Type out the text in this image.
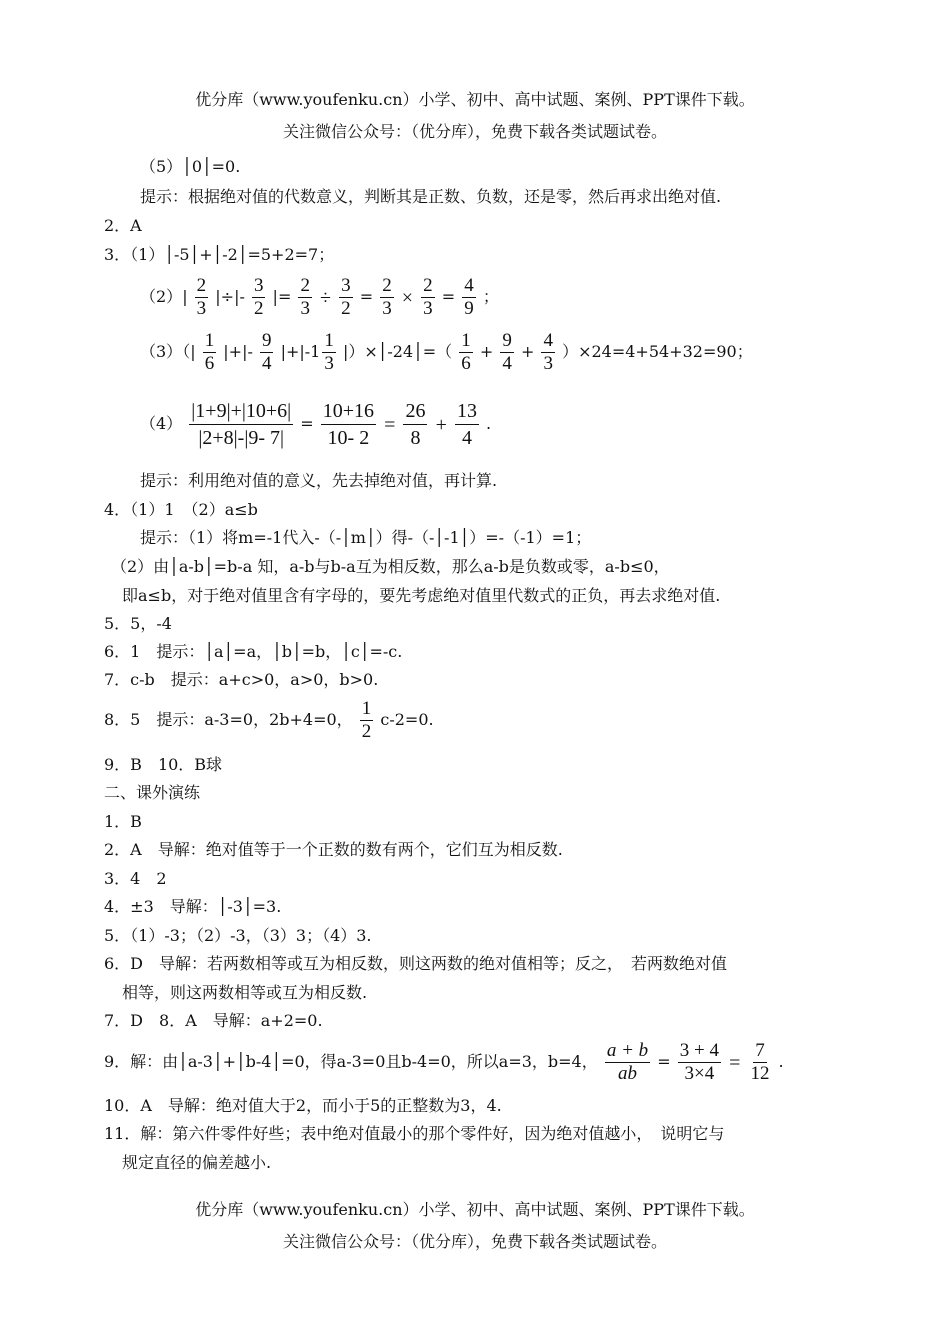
优分库（www.youfenku.cn）小学、初中、高中试题、案例、PPT课件下载。
关注微信公众号：（优分库），免费下载各类试题试卷。
（5）│0│=0.
提示：根据绝对值的代数意义，判断其是正数、负数，还是零，然后再求出绝对值.
2．A
3．（1）│-5│+│-2│=5+2=7；
$(2)| \frac{2}{3}$ |÷|- $\frac{3}{2}$ |= $\frac{2}{3} \div \frac{3}{2} = \frac{2}{3} \times \frac{2}{3} = \frac{4}{9}$ ；
$(3)(| \frac{1}{6}$ |+|- $\frac{9}{4} |+|-1 \frac{1}{3}$ |）×│-24│=（ $\frac{1}{6} + \frac{9}{4} + \frac{4}{3} )\times 24=4+54+32=90$；
$(4) \frac{|1+9|+|10+6|}{|2+8|-|9- 7|} = \frac{10+16}{10- 2} = \frac{26}{8} + \frac{13}{4}$ .
提示：利用绝对值的意义，先去掉绝对值，再计算.
4．（1）1　（2）a≤b
提示：（1）将m=-1代入-（-│m│）得-（-│-1│）=-（-1）=1；
（2）由│a-b│=b-a 知，a-b与b-a互为相反数，那么a-b是负数或零，a-b≤0，
即a≤b，对于绝对值里含有字母的，要先考虑绝对值里代数式的正负，再去求绝对值.
5．5，-4
6．1　提示：│a│=a，│b│=b，│c│=-c.
7．c-b　提示：a+c>0，a>0，b>0.
8．5　提示：a-3=0，2b+4=0， $\frac{1}{2} c-2=0$.
9．B　10．B球
二、课外演练
1．B
2．A　导解：绝对值等于一个正数的数有两个，它们互为相反数.
3．4　2
4．±3　导解：│-3│=3.
5．（1）-3；（2）-3，（3）3；（4）3.
6．D　导解：若两数相等或互为相反数，则这两数的绝对值相等；反之，　若两数绝对值
相等，则这两数相等或互为相反数.
7．D　8．A　导解：a+2=0.
9．解：由│a-3│+│b-4│=0，得a-3=0且b-4=0，所以a=3，b=4， $\frac{a + b}{ab} = \frac{3 + 4}{3\times 4} = \frac{7}{12}$ .
10．A　导解：绝对值大于2，而小于5的正整数为3，4.
11．解：第六件零件好些；表中绝对值最小的那个零件好，因为绝对值越小，　说明它与
规定直径的偏差越小.
优分库（www.youfenku.cn）小学、初中、高中试题、案例、PPT课件下载。
关注微信公众号：（优分库），免费下载各类试题试卷。
